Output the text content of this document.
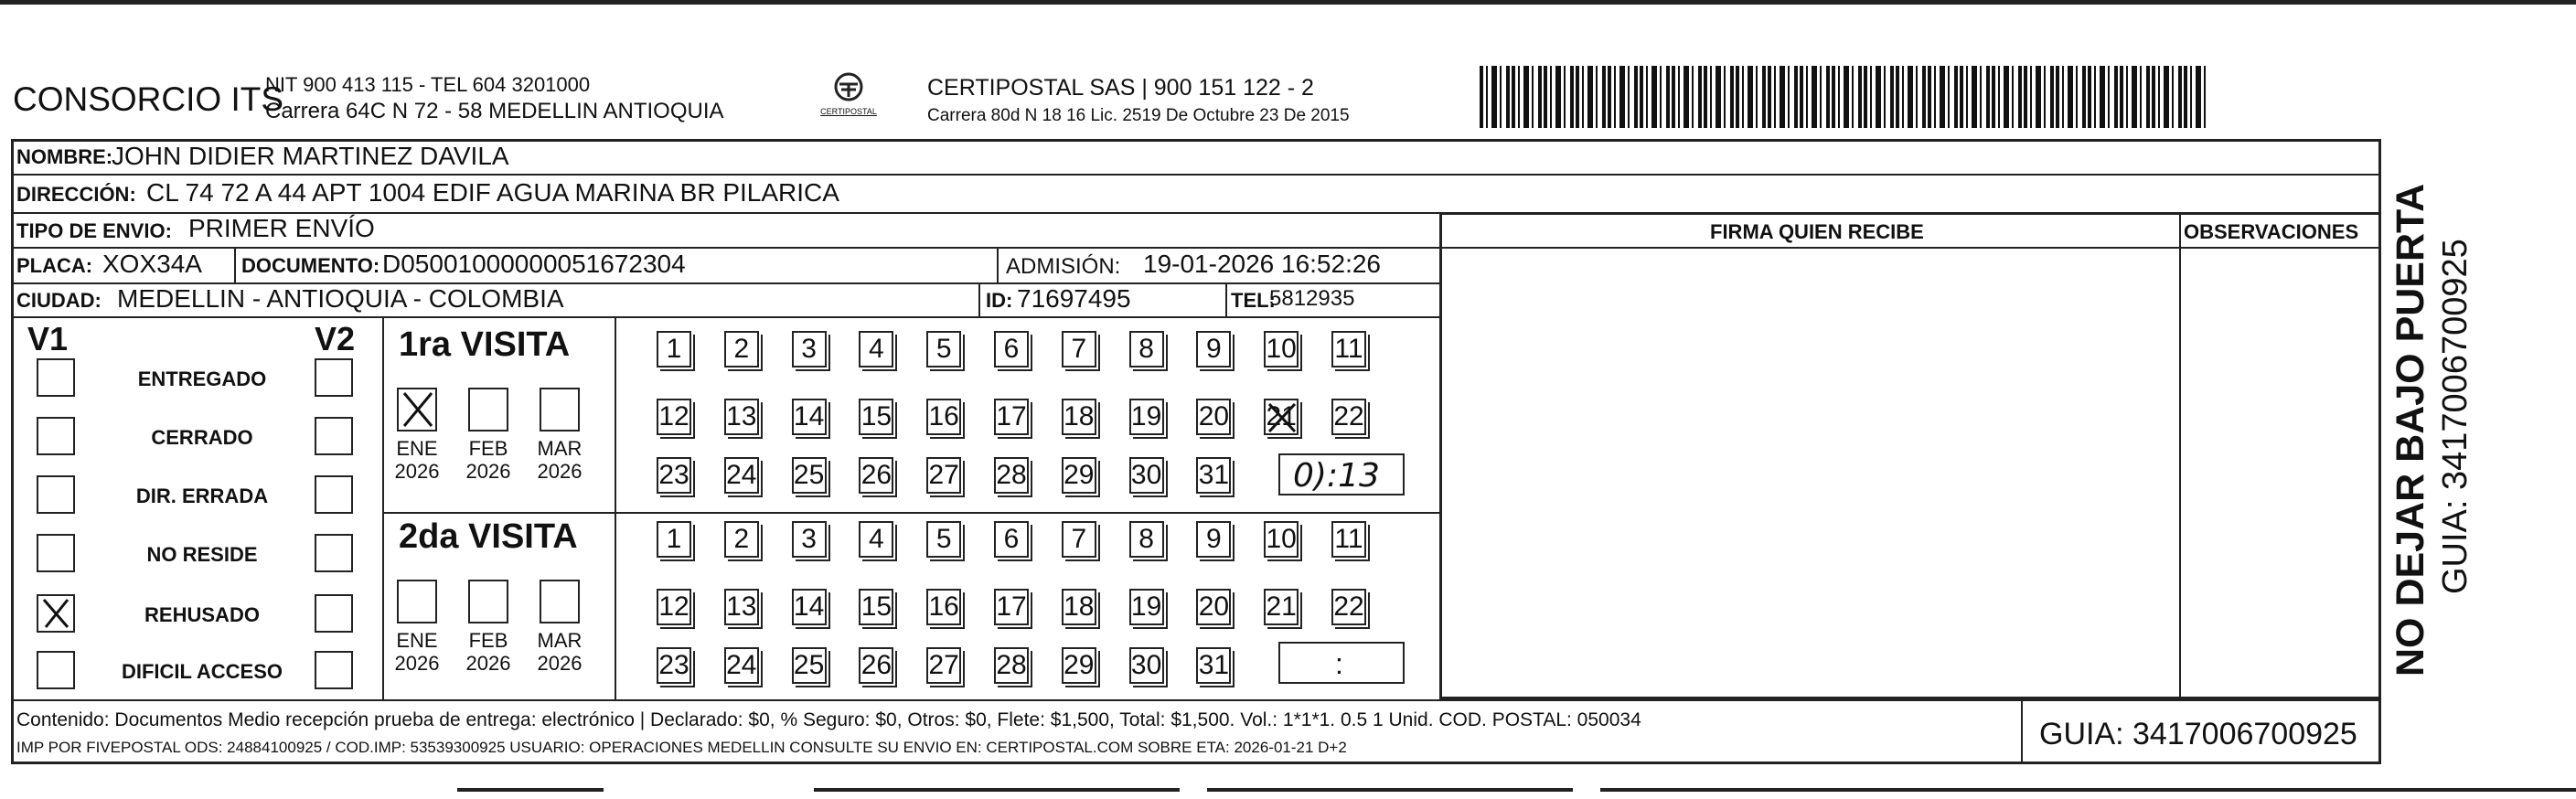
CONSORCIO ITS
NIT 900 413 115 - TEL 604 3201000
Carrera 64C N 72 - 58 MEDELLIN ANTIOQUIA	CERTIPOSTAL
CERTIPOSTAL SAS | 900 151 122 - 2
Carrera 80d N 18 16 Lic. 2519 De Octubre 23 De 2015
NOMBRE:
JOHN DIDIER MARTINEZ DAVILA
DIRECCIÓN: CL 74 72 A 44 APT 1004 EDIF AGUA MARINA BR PILARICA
TIPO DE ENVIO: PRIMER ENVÍO	FIRMA QUIEN RECIBE	OBSERVACIONES
PLACA: XOX34A DOCUMENTO: D05001000000051672304	ADMISIÓN: 19-01-2026 16:52:26
CIUDAD: MEDELLIN - ANTIOQUIA - COLOMBIA	ID: 71697495	TEL:
5812935
V1	V2
ENTREGADO
CERRADO
DIR. ERRADA
NO RESIDE
REHUSADO
DIFICIL ACCESO
1ra VISITA
ENE
2026
FEB
2026
MAR
2026
1	2	3	4	5	6	7	8	9	10 11
12 13 14 15 16 17 18 19 20 21 22
23 24 25 26 27 28 29 30 31
2da VISITA
ENE
2026
FEB
2026
MAR
2026
1	2	3	4	5	6	7	8	9	10 11
12 13 14 15 16 17 18 19 20 21 22
23 24 25 26 27 28 29 30 31
0):13
:
Contenido: Documentos Medio recepción prueba de entrega: electrónico | Declarado: $0, % Seguro: $0, Otros: $0, Flete: $1,500, Total: $1,500. Vol.: 1*1*1. 0.5 1 Unid. COD. POSTAL: 050034
IMP POR FIVEPOSTAL ODS: 24884100925 / COD.IMP: 53539300925 USUARIO: OPERACIONES MEDELLIN CONSULTE SU ENVIO EN: CERTIPOSTAL.COM SOBRE ETA: 2026-01-21 D+2	GUIA: 3417006700925
NO DEJAR BAJO PUERTA GUIA: 3417006700925
